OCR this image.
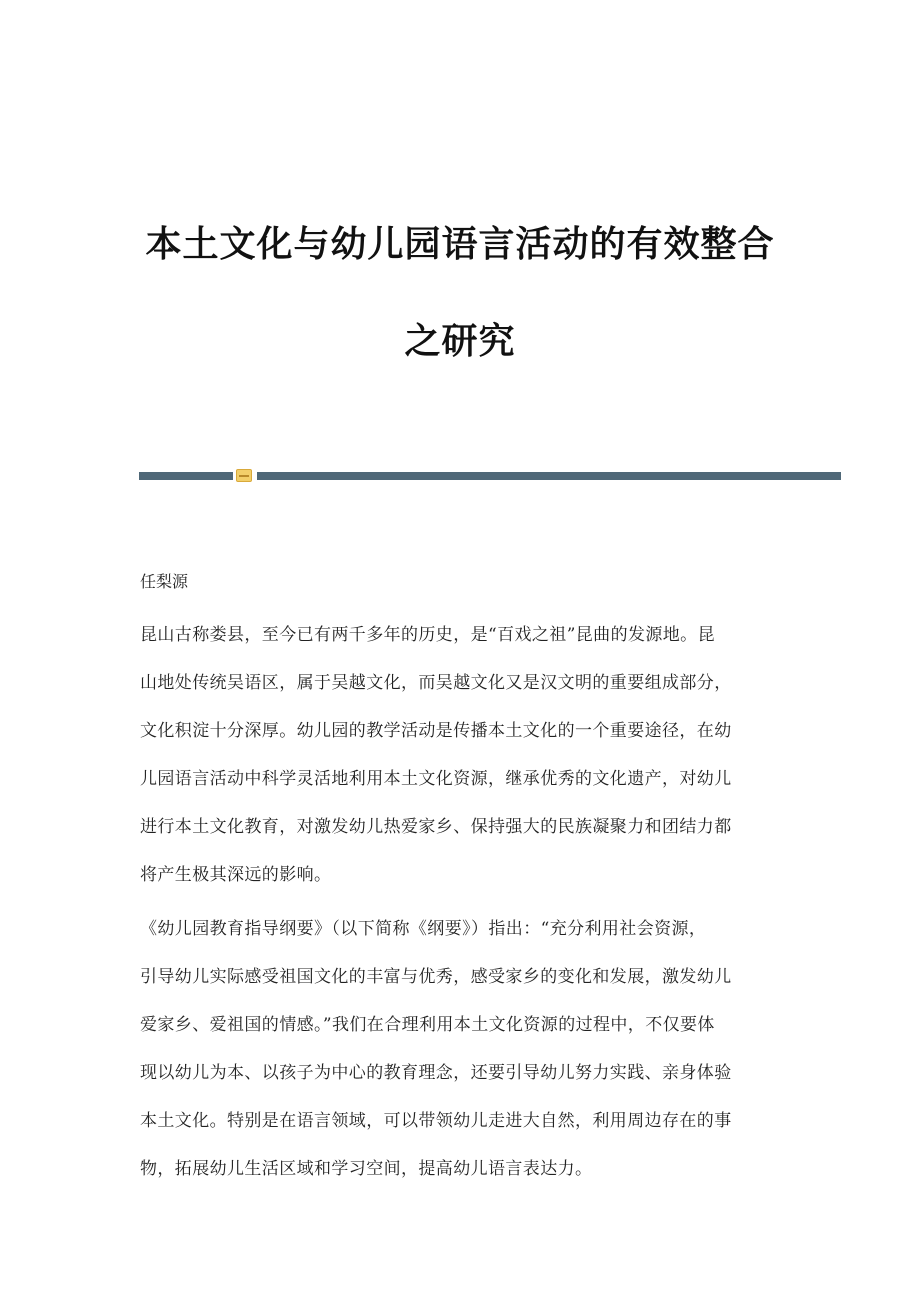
本土文化与幼儿园语言活动的有效整合
之研究
任梨源

昆山古称娄县，至今已有两千多年的历史，是“百戏之祖”昆曲的发源地。昆

山地处传统吴语区，属于吴越文化，而吴越文化又是汉文明的重要组成部分，

文化积淀十分深厚。幼儿园的教学活动是传播本土文化的一个重要途径，在幼

儿园语言活动中科学灵活地利用本土文化资源，继承优秀的文化遗产，对幼儿

进行本土文化教育，对激发幼儿热爱家乡、保持强大的民族凝聚力和团结力都

将产生极其深远的影响。

《幼儿园教育指导纲要》（以下简称《纲要》）指出：“充分利用社会资源，

引导幼儿实际感受祖国文化的丰富与优秀，感受家乡的变化和发展，激发幼儿

爱家乡、爱祖国的情感。”我们在合理利用本土文化资源的过程中，不仅要体

现以幼儿为本、以孩子为中心的教育理念，还要引导幼儿努力实践、亲身体验

本土文化。特别是在语言领域，可以带领幼儿走进大自然，利用周边存在的事

物，拓展幼儿生活区域和学习空间，提高幼儿语言表达力。
